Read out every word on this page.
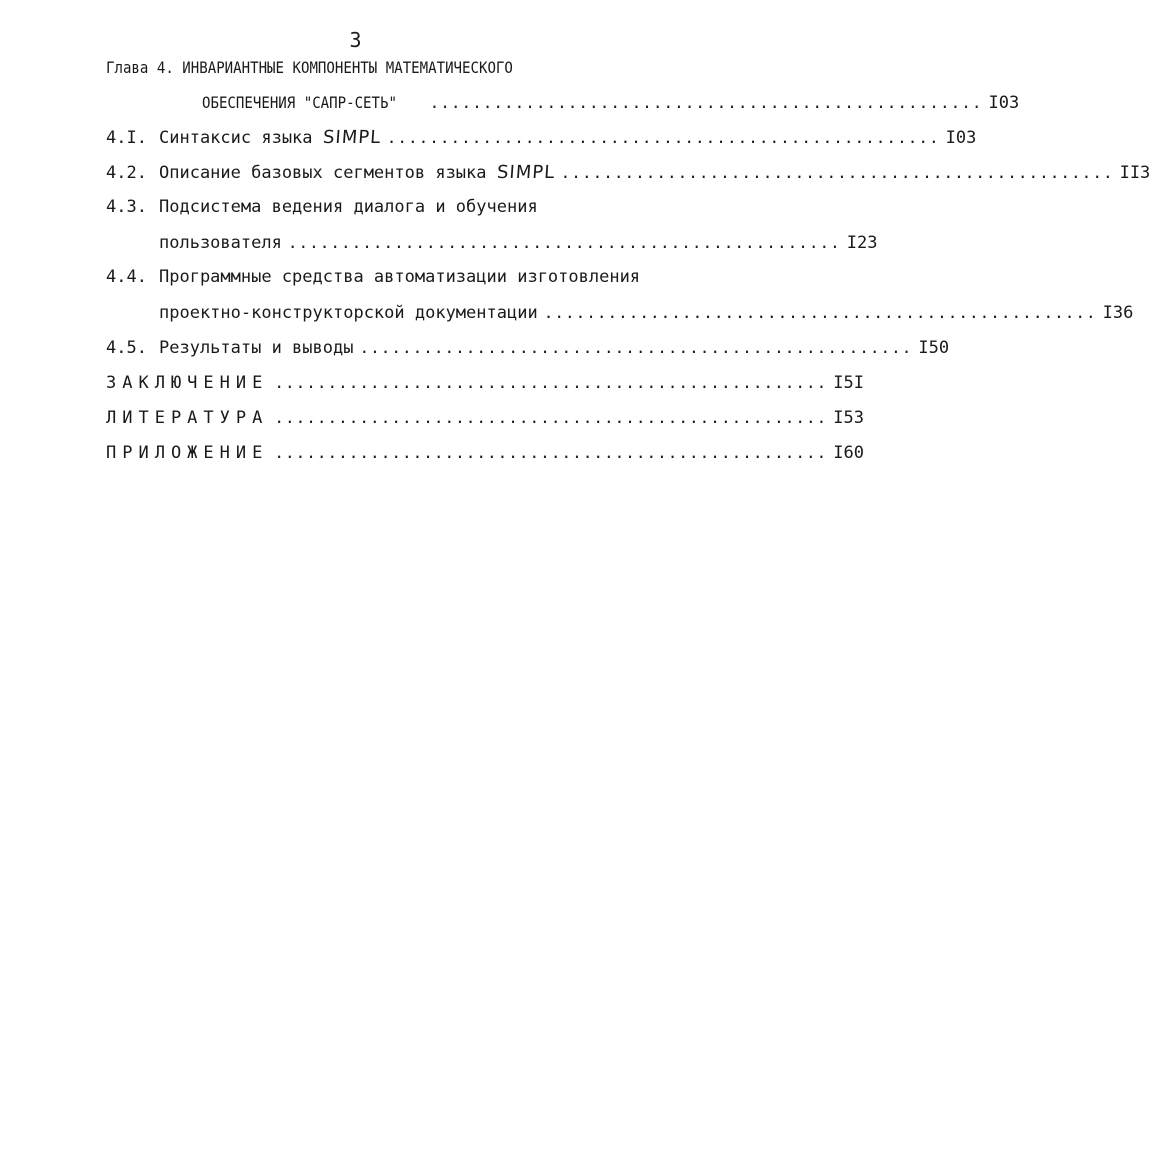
3
Глава 4. ИНВАРИАНТНЫЕ КОМПОНЕНТЫ МАТЕМАТИЧЕСКОГО
ОБЕСПЕЧЕНИЯ "САПР-СЕТЬ" .................................................... I03
4.I. Синтаксис языка SIMPL .................................................... I03
4.2. Описание базовых сегментов языка SIMPL .................................................... II3
4.3. Подсистема ведения диалога и обучения
пользователя .................................................... I23
4.4. Программные средства автоматизации изготовления
проектно-конструкторской документации .................................................... I36
4.5. Результаты и выводы .................................................... I50
ЗАКЛЮЧЕНИЕ .................................................... I5I
ЛИТЕРАТУРА .................................................... I53
ПРИЛОЖЕНИЕ .................................................... I60
